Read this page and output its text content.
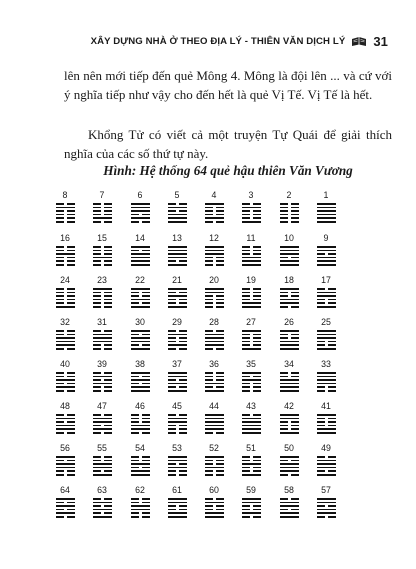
XÂY DỰNG NHÀ Ở THEO ĐỊA LÝ - THIÊN VĂN DỊCH LÝ 31

lên nên mới tiếp đến quẻ Mông 4. Mông là đội lên ... và cứ với ý nghĩa tiếp như vậy cho đến hết là quẻ Vị Tế. Vị Tế là hết.

Khổng Tử có viết cả một truyện Tự Quái để giải thích nghĩa của các số thứ tự này.

Hình: Hệ thống 64 quẻ hậu thiên Văn Vương

8	7	6	5	4	3	2	1
16	15	14	13	12	11	10	9
24	23	22	21	20	19	18	17
32	31	30	29	28	27	26	25
40	39	38	37	36	35	34	33
48	47	46	45	44	43	42	41
56	55	54	53	52	51	50	49
64	63	62	61	60	59	58	57
